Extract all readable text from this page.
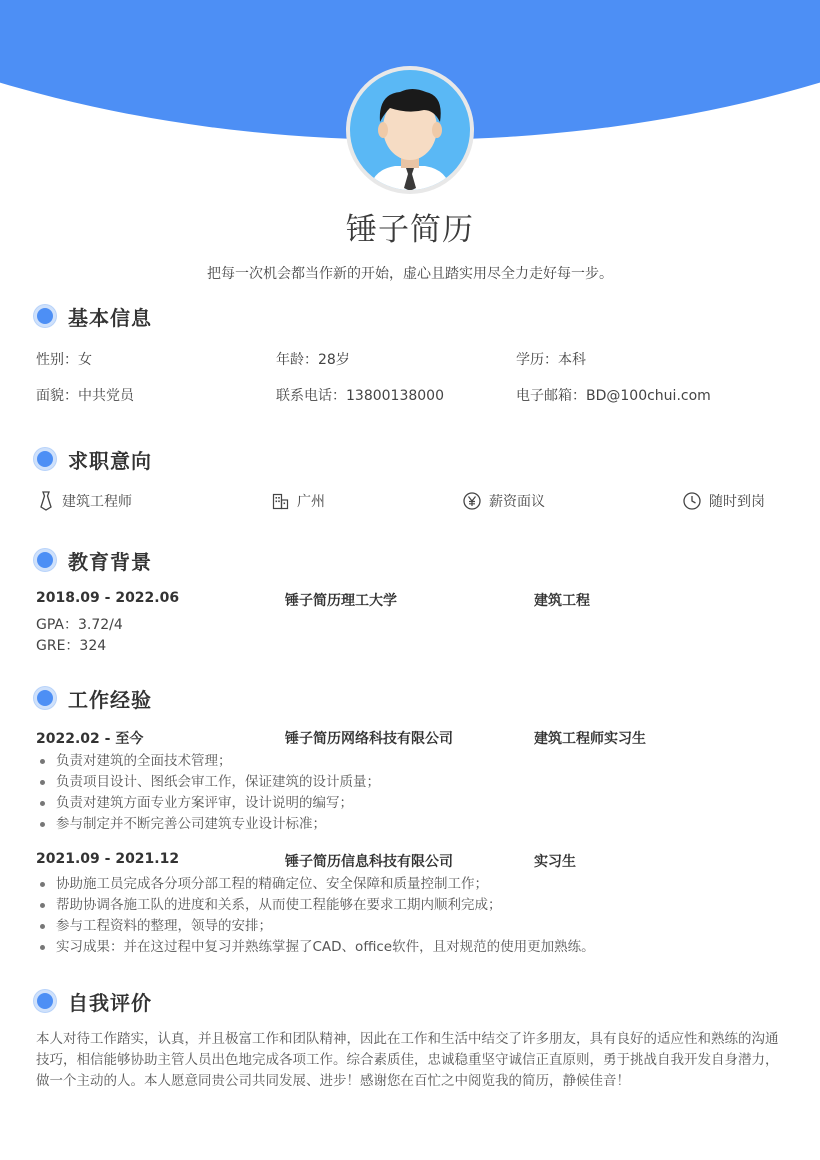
锤子简历
把每一次机会都当作新的开始，虚心且踏实用尽全力走好每一步。
基本信息
性别：女	年龄：28岁	学历：本科
面貌：中共党员	联系电话：13800138000	电子邮箱：BD@100chui.com
求职意向
建筑工程师	广州	薪资面议	随时到岗
教育背景
2018.09 - 2022.06	锤子简历理工大学	建筑工程
GPA：3.72/4
GRE：324
工作经验
2022.02 - 至今	锤子简历网络科技有限公司	建筑工程师实习生
负责对建筑的全面技术管理；
负责项目设计、图纸会审工作，保证建筑的设计质量；
负责对建筑方面专业方案评审，设计说明的编写；
参与制定并不断完善公司建筑专业设计标准；
2021.09 - 2021.12	锤子简历信息科技有限公司	实习生
协助施工员完成各分项分部工程的精确定位、安全保障和质量控制工作；
帮助协调各施工队的进度和关系，从而使工程能够在要求工期内顺利完成；
参与工程资料的整理，领导的安排；
实习成果：并在这过程中复习并熟练掌握了CAD、office软件，且对规范的使用更加熟练。
自我评价

本人对待工作踏实，认真，并且极富工作和团队精神，因此在工作和生活中结交了许多朋友，具有良好的适应性和熟练的沟通技巧，相信能够协助主管人员出色地完成各项工作。综合素质佳，忠诚稳重坚守诚信正直原则，勇于挑战自我开发自身潜力，做一个主动的人。本人愿意同贵公司共同发展、进步！感谢您在百忙之中阅览我的简历，静候佳音！
